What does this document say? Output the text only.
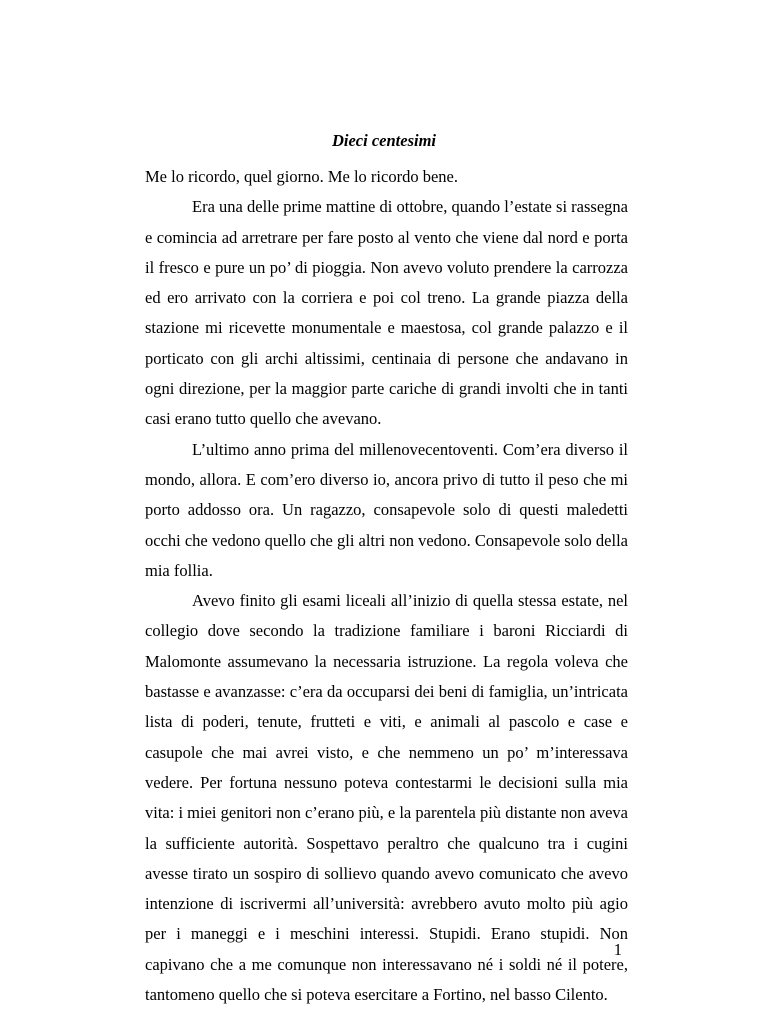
Dieci centesimi

Me lo ricordo, quel giorno. Me lo ricordo bene.

Era una delle prime mattine di ottobre, quando l’estate si rassegna e comincia ad arretrare per fare posto al vento che viene dal nord e porta il fresco e pure un po’ di pioggia. Non avevo voluto prendere la carrozza ed ero arrivato con la corriera e poi col treno. La grande piazza della stazione mi ricevette monumentale e maestosa, col grande palazzo e il porticato con gli archi altissimi, centinaia di persone che andavano in ogni direzione, per la maggior parte cariche di grandi involti che in tanti casi erano tutto quello che avevano.

L’ultimo anno prima del millenovecentoventi. Com’era diverso il mondo, allora. E com’ero diverso io, ancora privo di tutto il peso che mi porto addosso ora. Un ragazzo, consapevole solo di questi maledetti occhi che vedono quello che gli altri non vedono. Consapevole solo della mia follia.

Avevo finito gli esami liceali all’inizio di quella stessa estate, nel collegio dove secondo la tradizione familiare i baroni Ricciardi di Malomonte assumevano la necessaria istruzione. La regola voleva che bastasse e avanzasse: c’era da occuparsi dei beni di famiglia, un’intricata lista di poderi, tenute, frutteti e viti, e animali al pascolo e case e casupole che mai avrei visto, e che nemmeno un po’ m’interessava vedere. Per fortuna nessuno poteva contestarmi le decisioni sulla mia vita: i miei genitori non c’erano più, e la parentela più distante non aveva la sufficiente autorità. Sospettavo peraltro che qualcuno tra i cugini avesse tirato un sospiro di sollievo quando avevo comunicato che avevo intenzione di iscrivermi all’università: avrebbero avuto molto più agio per i maneggi e i meschini interessi. Stupidi. Erano stupidi. Non capivano che a me comunque non interessavano né i soldi né il potere, tantomeno quello che si poteva esercitare a Fortino, nel basso Cilento.

1
